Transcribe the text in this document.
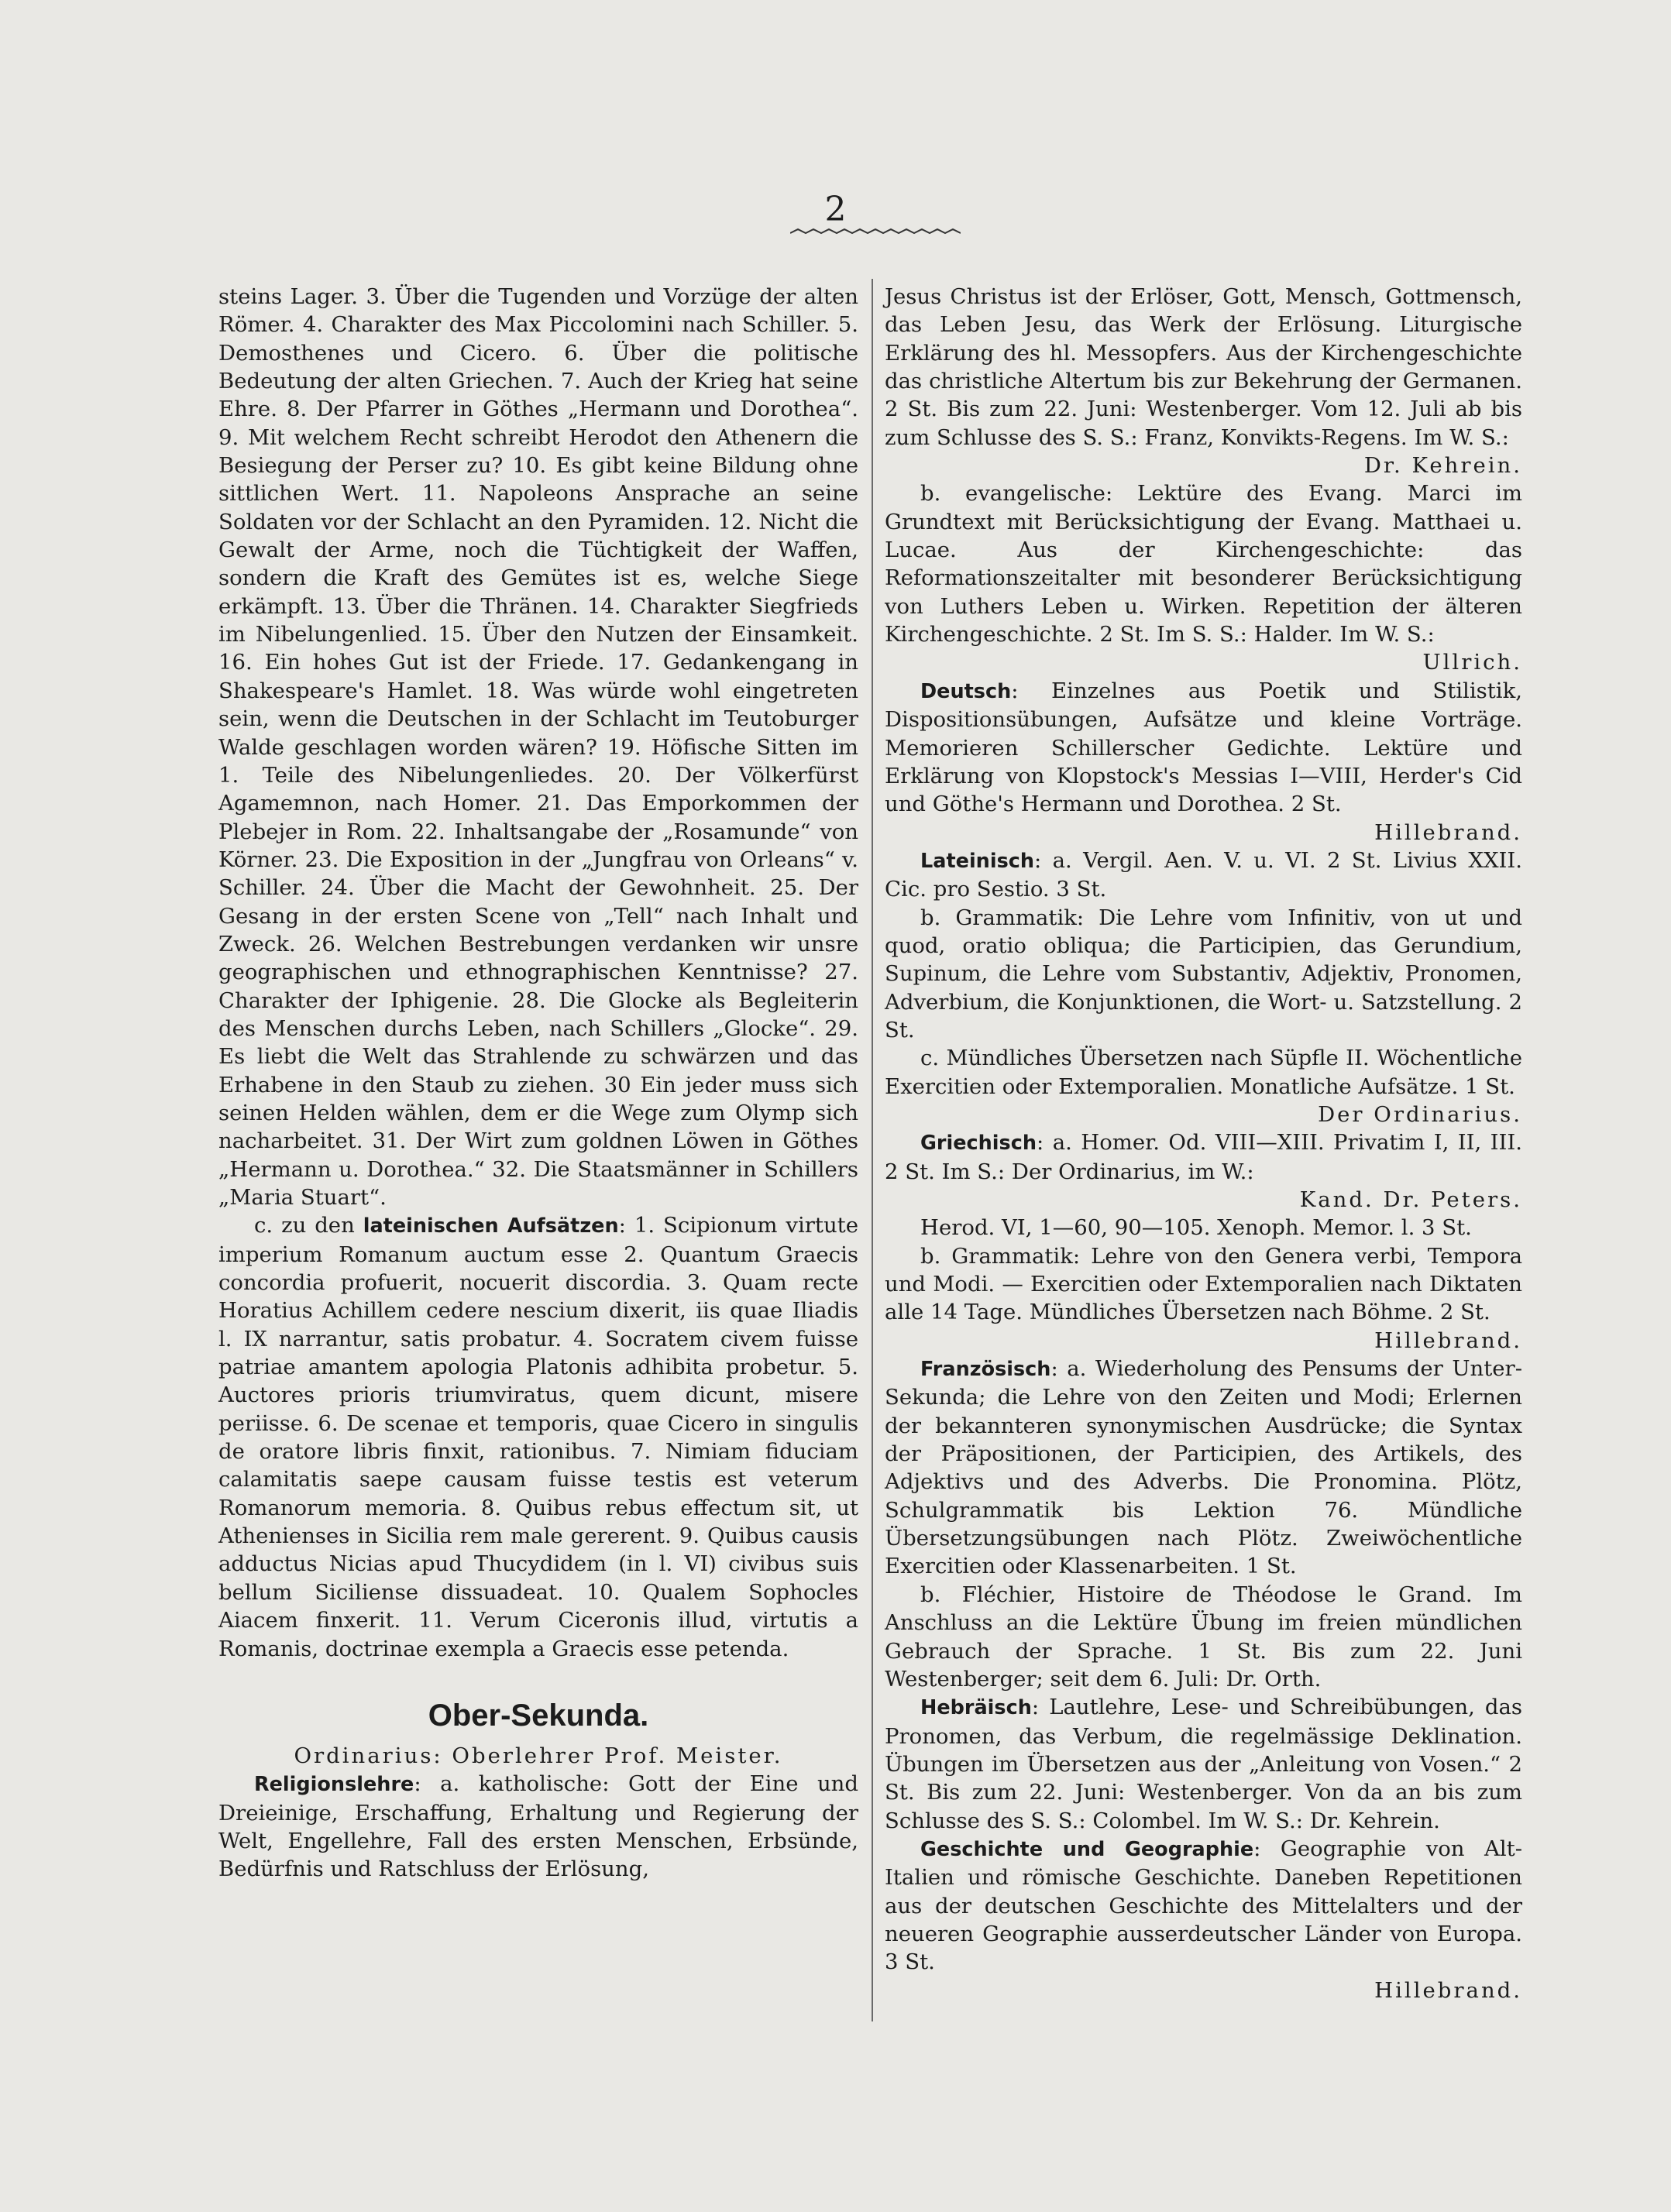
2

steins Lager. 3. Über die Tugenden und Vorzüge der alten Römer. 4. Charakter des Max Piccolomini nach Schiller. 5. Demosthenes und Cicero. 6. Über die politische Bedeutung der alten Griechen. 7. Auch der Krieg hat seine Ehre. 8. Der Pfarrer in Göthes „Hermann und Dorothea“. 9. Mit welchem Recht schreibt Herodot den Athenern die Besiegung der Perser zu? 10. Es gibt keine Bildung ohne sittlichen Wert. 11. Napoleons Ansprache an seine Soldaten vor der Schlacht an den Pyramiden. 12. Nicht die Gewalt der Arme, noch die Tüchtigkeit der Waffen, sondern die Kraft des Gemütes ist es, welche Siege erkämpft. 13. Über die Thränen. 14. Charakter Siegfrieds im Nibelungenlied. 15. Über den Nutzen der Einsamkeit. 16. Ein hohes Gut ist der Friede. 17. Gedankengang in Shakespeare's Hamlet. 18. Was würde wohl eingetreten sein, wenn die Deutschen in der Schlacht im Teutoburger Walde geschlagen worden wären? 19. Höfische Sitten im 1. Teile des Nibelungenliedes. 20. Der Völkerfürst Agamemnon, nach Homer. 21. Das Emporkommen der Plebejer in Rom. 22. Inhaltsangabe der „Rosamunde“ von Körner. 23. Die Exposition in der „Jungfrau von Orleans“ v. Schiller. 24. Über die Macht der Gewohnheit. 25. Der Gesang in der ersten Scene von „Tell“ nach Inhalt und Zweck. 26. Welchen Bestrebungen verdanken wir unsre geographischen und ethnographischen Kenntnisse? 27. Charakter der Iphigenie. 28. Die Glocke als Begleiterin des Menschen durchs Leben, nach Schillers „Glocke“. 29. Es liebt die Welt das Strahlende zu schwärzen und das Erhabene in den Staub zu ziehen. 30 Ein jeder muss sich seinen Helden wählen, dem er die Wege zum Olymp sich nacharbeitet. 31. Der Wirt zum goldnen Löwen in Göthes „Hermann u. Dorothea.“ 32. Die Staatsmänner in Schillers „Maria Stuart“.

c. zu den lateinischen Aufsätzen: 1. Scipionum virtute imperium Romanum auctum esse 2. Quantum Graecis concordia profuerit, nocuerit discordia. 3. Quam recte Horatius Achillem cedere nescium dixerit, iis quae Iliadis l. IX narrantur, satis probatur. 4. Socratem civem fuisse patriae amantem apologia Platonis adhibita probetur. 5. Auctores prioris triumviratus, quem dicunt, misere periisse. 6. De scenae et temporis, quae Cicero in singulis de oratore libris finxit, rationibus. 7. Nimiam fiduciam calamitatis saepe causam fuisse testis est veterum Romanorum memoria. 8. Quibus rebus effectum sit, ut Athenienses in Sicilia rem male gererent. 9. Quibus causis adductus Nicias apud Thucydidem (in l. VI) civibus suis bellum Siciliense dissuadeat. 10. Qualem Sophocles Aiacem finxerit. 11. Verum Ciceronis illud, virtutis a Romanis, doctrinae exempla a Graecis esse petenda.

Ober-Sekunda.

Ordinarius: Oberlehrer Prof. Meister.

Religionslehre: a. katholische: Gott der Eine und Dreieinige, Erschaffung, Erhaltung und Regierung der Welt, Engellehre, Fall des ersten Menschen, Erbsünde, Bedürfnis und Ratschluss der Erlösung,

Jesus Christus ist der Erlöser, Gott, Mensch, Gottmensch, das Leben Jesu, das Werk der Erlösung. Liturgische Erklärung des hl. Messopfers. Aus der Kirchengeschichte das christliche Altertum bis zur Bekehrung der Germanen. 2 St. Bis zum 22. Juni: Westenberger. Vom 12. Juli ab bis zum Schlusse des S. S.: Franz, Konvikts-Regens. Im W. S.:

Dr. Kehrein.

b. evangelische: Lektüre des Evang. Marci im Grundtext mit Berücksichtigung der Evang. Matthaei u. Lucae. Aus der Kirchengeschichte: das Reformationszeitalter mit besonderer Berücksichtigung von Luthers Leben u. Wirken. Repetition der älteren Kirchengeschichte. 2 St. Im S. S.: Halder. Im W. S.:

Ullrich.

Deutsch: Einzelnes aus Poetik und Stilistik, Dispositionsübungen, Aufsätze und kleine Vorträge. Memorieren Schillerscher Gedichte. Lektüre und Erklärung von Klopstock's Messias I—VIII, Herder's Cid und Göthe's Hermann und Dorothea. 2 St.

Hillebrand.

Lateinisch: a. Vergil. Aen. V. u. VI. 2 St. Livius XXII. Cic. pro Sestio. 3 St.

b. Grammatik: Die Lehre vom Infinitiv, von ut und quod, oratio obliqua; die Participien, das Gerundium, Supinum, die Lehre vom Substantiv, Adjektiv, Pronomen, Adverbium, die Konjunktionen, die Wort- u. Satzstellung. 2 St.

c. Mündliches Übersetzen nach Süpfle II. Wöchentliche Exercitien oder Extemporalien. Monatliche Aufsätze. 1 St.

Der Ordinarius.

Griechisch: a. Homer. Od. VIII—XIII. Privatim I, II, III. 2 St. Im S.: Der Ordinarius, im W.:

Kand. Dr. Peters.

Herod. VI, 1—60, 90—105. Xenoph. Memor. l. 3 St.

b. Grammatik: Lehre von den Genera verbi, Tempora und Modi. — Exercitien oder Extemporalien nach Diktaten alle 14 Tage. Mündliches Übersetzen nach Böhme. 2 St.

Hillebrand.

Französisch: a. Wiederholung des Pensums der Unter-Sekunda; die Lehre von den Zeiten und Modi; Erlernen der bekannteren synonymischen Ausdrücke; die Syntax der Präpositionen, der Participien, des Artikels, des Adjektivs und des Adverbs. Die Pronomina. Plötz, Schulgrammatik bis Lektion 76. Mündliche Übersetzungsübungen nach Plötz. Zweiwöchentliche Exercitien oder Klassenarbeiten. 1 St.

b. Fléchier, Histoire de Théodose le Grand. Im Anschluss an die Lektüre Übung im freien mündlichen Gebrauch der Sprache. 1 St. Bis zum 22. Juni Westenberger; seit dem 6. Juli: Dr. Orth.

Hebräisch: Lautlehre, Lese- und Schreibübungen, das Pronomen, das Verbum, die regelmässige Deklination. Übungen im Übersetzen aus der „Anleitung von Vosen.“ 2 St. Bis zum 22. Juni: Westenberger. Von da an bis zum Schlusse des S. S.: Colombel. Im W. S.: Dr. Kehrein.

Geschichte und Geographie: Geographie von Alt-Italien und römische Geschichte. Daneben Repetitionen aus der deutschen Geschichte des Mittelalters und der neueren Geographie ausserdeutscher Länder von Europa. 3 St.

Hillebrand.
